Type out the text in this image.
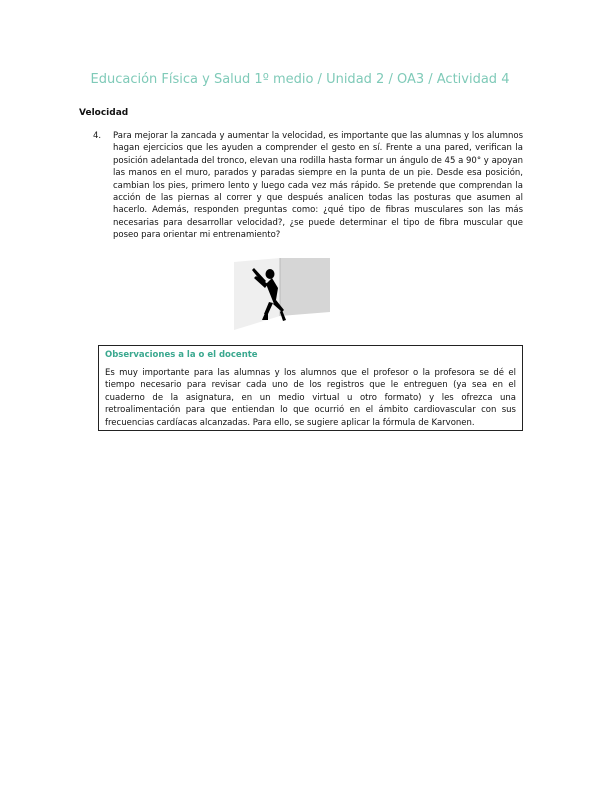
Educación Física y Salud 1º medio / Unidad 2 / OA3 / Actividad 4
Velocidad
4.	Para mejorar la zancada y aumentar la velocidad, es importante que las alumnas y los alumnos hagan ejercicios que les ayuden a comprender el gesto en sí. Frente a una pared, verifican la posición adelantada del tronco, elevan una rodilla hasta formar un ángulo de 45 a 90° y apoyan las manos en el muro, parados y paradas siempre en la punta de un pie. Desde esa posición, cambian los pies, primero lento y luego cada vez más rápido. Se pretende que comprendan la acción de las piernas al correr y que después analicen todas las posturas que asumen al hacerlo. Además, responden preguntas como: ¿qué tipo de fibras musculares son las más necesarias para desarrollar velocidad?, ¿se puede determinar el tipo de fibra muscular que poseo para orientar mi entrenamiento?
Observaciones a la o el docente
Es muy importante para las alumnas y los alumnos que el profesor o la profesora se dé el tiempo necesario para revisar cada uno de los registros que le entreguen (ya sea en el cuaderno de la asignatura, en un medio virtual u otro formato) y les ofrezca una retroalimentación para que entiendan lo que ocurrió en el ámbito cardiovascular con sus frecuencias cardíacas alcanzadas. Para ello, se sugiere aplicar la fórmula de Karvonen.
